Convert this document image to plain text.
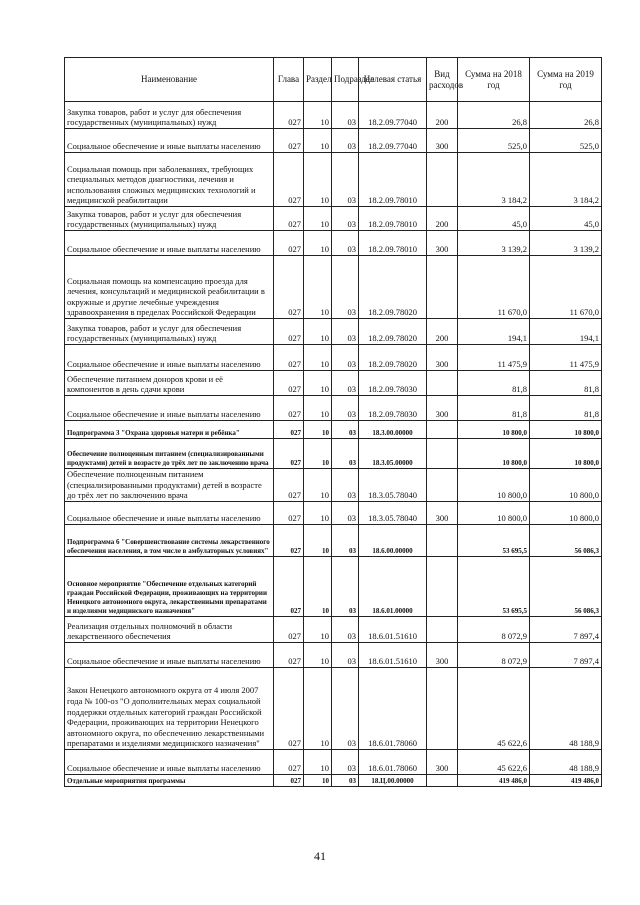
Наименование	Глава	Раздел	Подраздел	Целевая статья	Вид расходов	Сумма на 2018 год	Сумма на 2019 год
Закупка товаров, работ и услуг для обеспечения государственных (муниципальных) нужд	027	10	03	18.2.09.77040	200	26,8	26,8
Социальное обеспечение и иные выплаты населению	027	10	03	18.2.09.77040	300	525,0	525,0
Социальная помощь при заболеваниях, требующих специальных методов диагностики, лечения и использования сложных медицинских технологий и медицинской реабилитации	027	10	03	18.2.09.78010		3 184,2	3 184,2
Закупка товаров, работ и услуг для обеспечения государственных (муниципальных) нужд	027	10	03	18.2.09.78010	200	45,0	45,0
Социальное обеспечение и иные выплаты населению	027	10	03	18.2.09.78010	300	3 139,2	3 139,2
Социальная помощь на компенсацию проезда для лечения, консультаций и медицинской реабилитации в окружные и другие лечебные учреждения здравоохранения в пределах Российской Федерации	027	10	03	18.2.09.78020		11 670,0	11 670,0
Закупка товаров, работ и услуг для обеспечения государственных (муниципальных) нужд	027	10	03	18.2.09.78020	200	194,1	194,1
Социальное обеспечение и иные выплаты населению	027	10	03	18.2.09.78020	300	11 475,9	11 475,9
Обеспечение питанием доноров крови и её компонентов в день сдачи крови	027	10	03	18.2.09.78030		81,8	81,8
Социальное обеспечение и иные выплаты населению	027	10	03	18.2.09.78030	300	81,8	81,8
Подпрограмма 3 "Охрана здоровья матери и ребёнка"	027	10	03	18.3.00.00000		10 800,0	10 800,0
Обеспечение полноценным питанием (специализированными продуктами) детей в возрасте до трёх лет по заключению врача	027	10	03	18.3.05.00000		10 800,0	10 800,0
Обеспечение полноценным питанием (специализированными продуктами) детей в возрасте до трёх лет по заключению врача	027	10	03	18.3.05.78040		10 800,0	10 800,0
Социальное обеспечение и иные выплаты населению	027	10	03	18.3.05.78040	300	10 800,0	10 800,0
Подпрограмма 6 "Совершенствование системы лекарственного обеспечения населения, в том числе в амбулаторных условиях"	027	10	03	18.6.00.00000		53 695,5	56 086,3
Основное мероприятие "Обеспечение отдельных категорий граждан Российской Федерации, проживающих на территории Ненецкого автономного округа, лекарственными препаратами и изделиями медицинского назначения"	027	10	03	18.6.01.00000		53 695,5	56 086,3
Реализация отдельных полномочий в области лекарственного обеспечения	027	10	03	18.6.01.51610		8 072,9	7 897,4
Социальное обеспечение и иные выплаты населению	027	10	03	18.6.01.51610	300	8 072,9	7 897,4
Закон Ненецкого автономного округа от 4 июля 2007 года № 100-оз "О дополнительных мерах социальной поддержки отдельных категорий граждан Российской Федерации, проживающих на территории Ненецкого автономного округа, по обеспечению лекарственными препаратами и изделиями медицинского назначения"	027	10	03	18.6.01.78060		45 622,6	48 188,9
Социальное обеспечение и иные выплаты населению	027	10	03	18.6.01.78060	300	45 622,6	48 188,9
Отдельные мероприятия программы	027	10	03	18.Ц.00.00000		419 486,0	419 486,0
41
